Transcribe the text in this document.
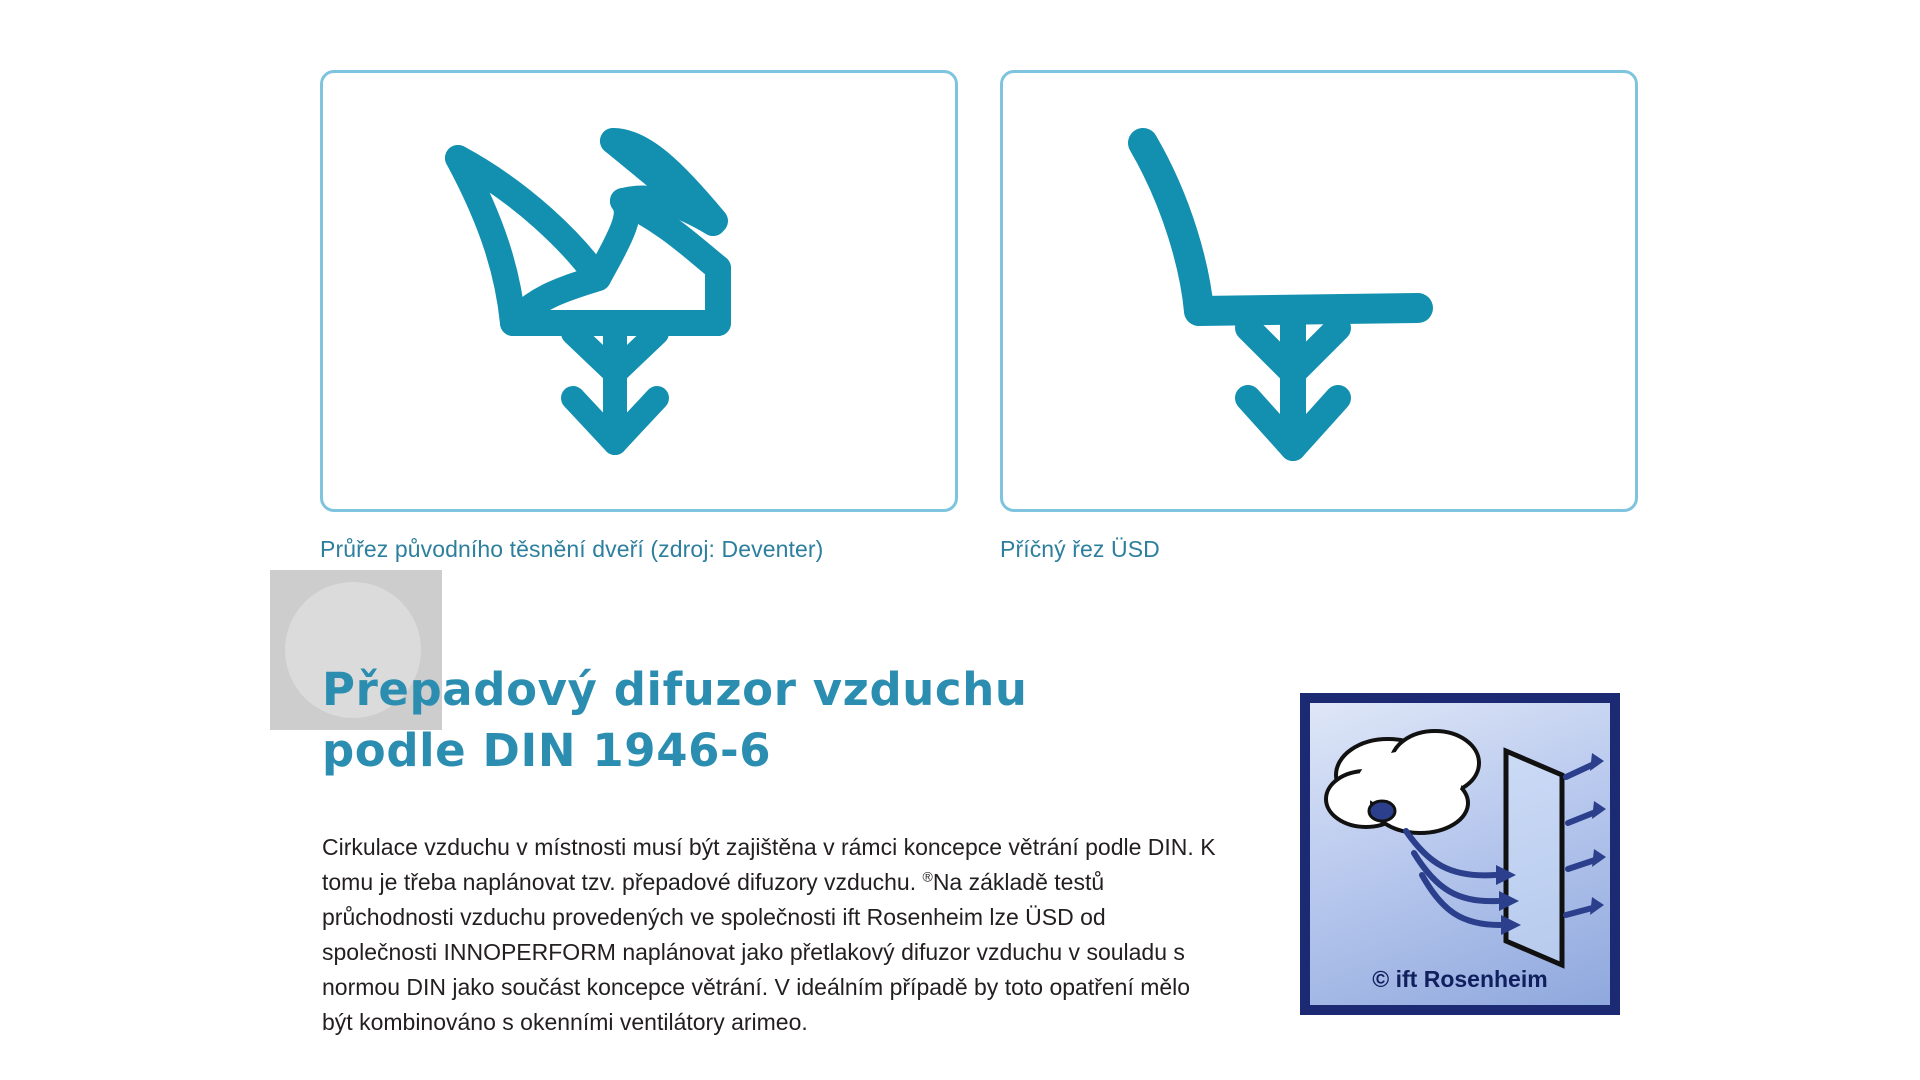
Průřez původního těsnění dveří (zdroj: Deventer)	Příčný řez ÜSD
Přepadový difuzor vzduchu
podle DIN 1946-6
Cirkulace vzduchu v místnosti musí být zajištěna v rámci koncepce větrání podle DIN. K tomu je třeba naplánovat tzv. přepadové difuzory vzduchu. ®Na základě testů průchodnosti vzduchu provedených ve společnosti ift Rosenheim lze ÜSD od společnosti INNOPERFORM naplánovat jako přetlakový difuzor vzduchu v souladu s normou DIN jako součást koncepce větrání. V ideálním případě by toto opatření mělo být kombinováno s okenními ventilátory arimeo.
© ift Rosenheim
